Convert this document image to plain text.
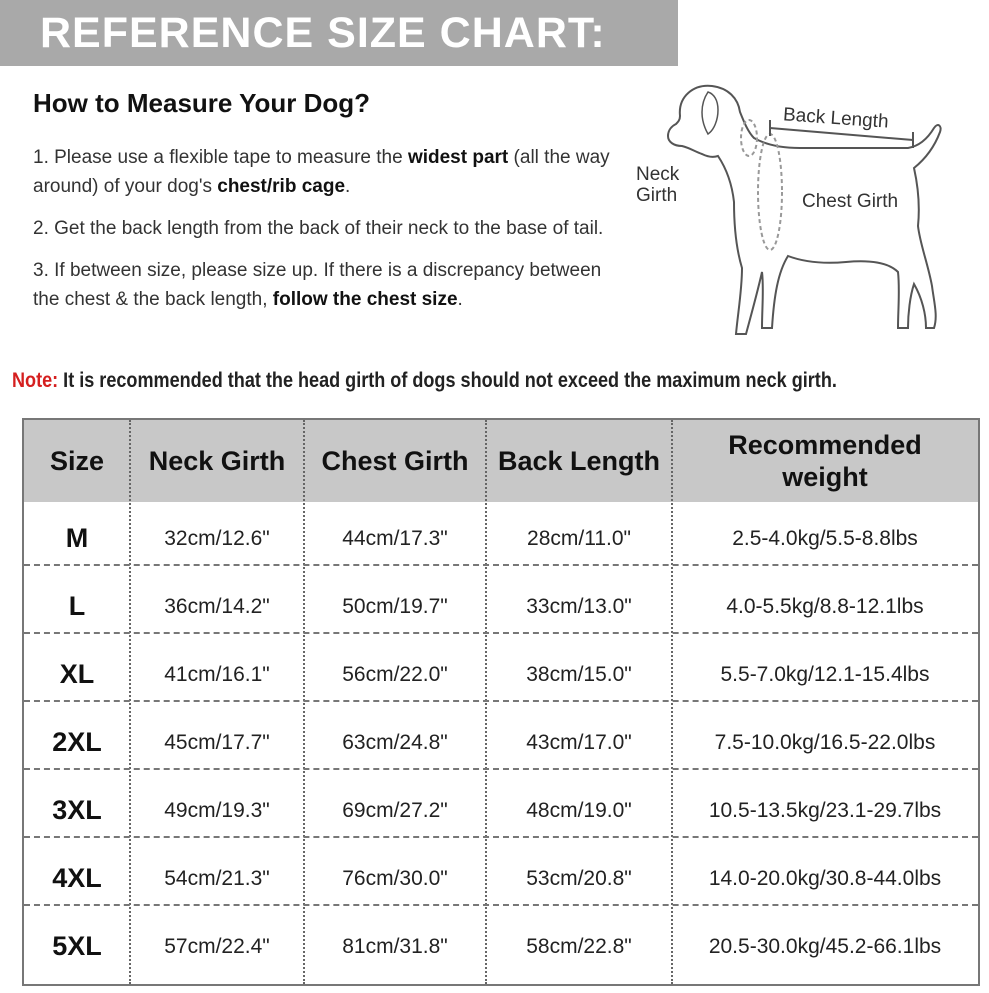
REFERENCE SIZE CHART:
How to Measure Your Dog?
1. Please use a flexible tape to measure the widest part (all the way around) of your dog's chest/rib cage.
2. Get the back length from the back of their neck to the base of tail.
3. If between size, please size up. If there is a discrepancy between the chest & the back length, follow the chest size.
Back Length
Neck
Girth	Chest Girth
Note: It is recommended that the head girth of dogs should not exceed the maximum neck girth.
Size	Neck Girth	Chest Girth	Back Length
Recommended
weight
M	32cm/12.6"	44cm/17.3"	28cm/11.0"	2.5-4.0kg/5.5-8.8lbs
L	36cm/14.2"	50cm/19.7"	33cm/13.0"	4.0-5.5kg/8.8-12.1lbs
XL	41cm/16.1"	56cm/22.0"	38cm/15.0"	5.5-7.0kg/12.1-15.4lbs
2XL	45cm/17.7"	63cm/24.8"	43cm/17.0"	7.5-10.0kg/16.5-22.0lbs
3XL	49cm/19.3"	69cm/27.2"	48cm/19.0"	10.5-13.5kg/23.1-29.7lbs
4XL	54cm/21.3"	76cm/30.0"	53cm/20.8"	14.0-20.0kg/30.8-44.0lbs
5XL	57cm/22.4"	81cm/31.8"	58cm/22.8"	20.5-30.0kg/45.2-66.1lbs
